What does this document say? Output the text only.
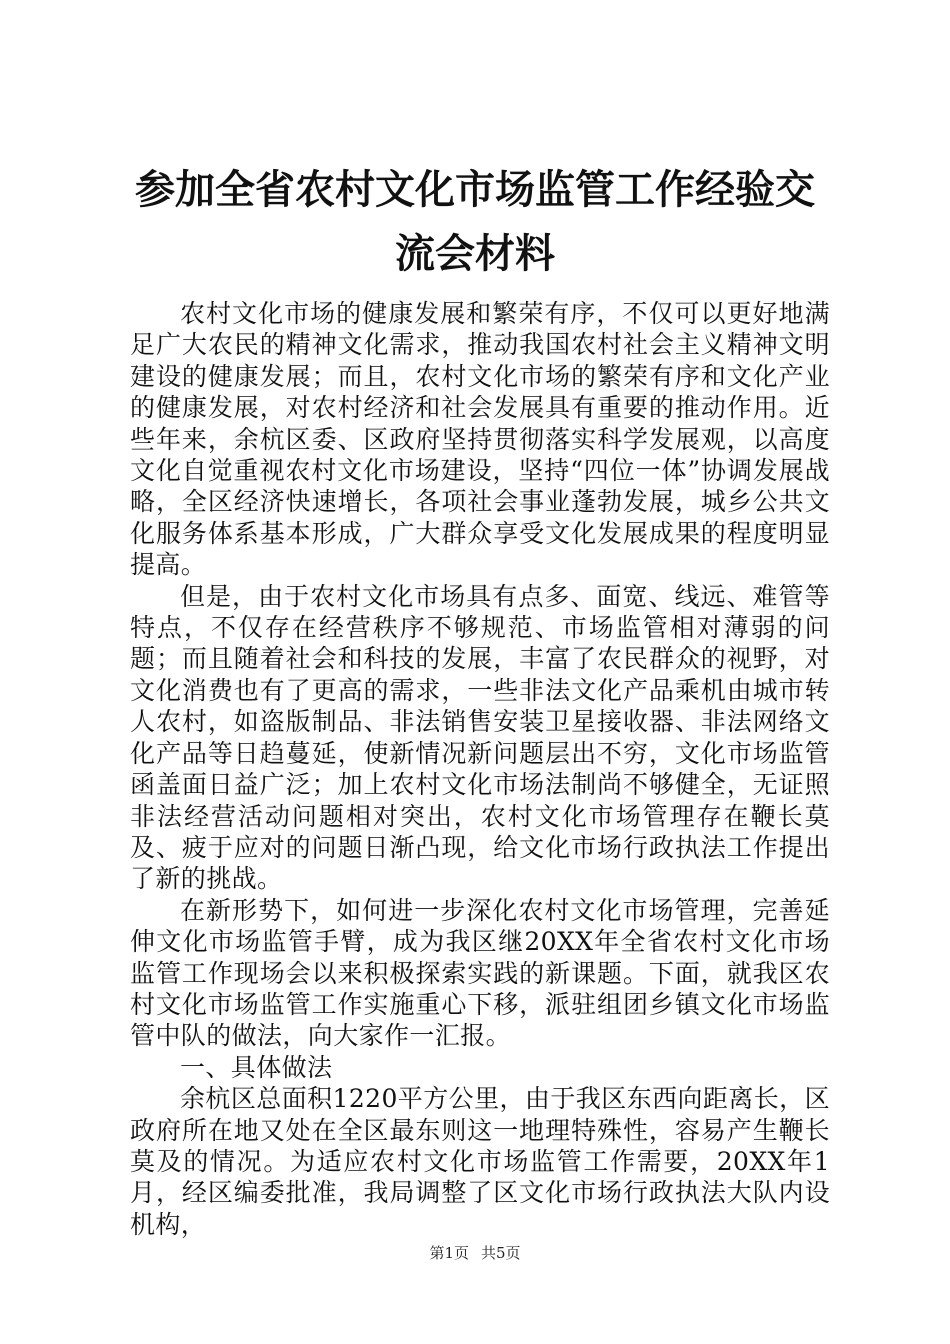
参加全省农村文化市场监管工作经验交流会材料

农村文化市场的健康发展和繁荣有序，不仅可以更好地满足广大农民的精神文化需求，推动我国农村社会主义精神文明建设的健康发展；而且，农村文化市场的繁荣有序和文化产业的健康发展，对农村经济和社会发展具有重要的推动作用。近些年来，余杭区委、区政府坚持贯彻落实科学发展观，以高度文化自觉重视农村文化市场建设，坚持“四位一体”协调发展战略，全区经济快速增长，各项社会事业蓬勃发展，城乡公共文化服务体系基本形成，广大群众享受文化发展成果的程度明显提高。

但是，由于农村文化市场具有点多、面宽、线远、难管等特点，不仅存在经营秩序不够规范、市场监管相对薄弱的问题；而且随着社会和科技的发展，丰富了农民群众的视野，对文化消费也有了更高的需求，一些非法文化产品乘机由城市转人农村，如盗版制品、非法销售安装卫星接收器、非法网络文化产品等日趋蔓延，使新情况新问题层出不穷，文化市场监管函盖面日益广泛；加上农村文化市场法制尚不够健全，无证照非法经营活动问题相对突出，农村文化市场管理存在鞭长莫及、疲于应对的问题日渐凸现，给文化市场行政执法工作提出了新的挑战。

在新形势下，如何进一步深化农村文化市场管理，完善延伸文化市场监管手臂，成为我区继20XX年全省农村文化市场监管工作现场会以来积极探索实践的新课题。下面，就我区农村文化市场监管工作实施重心下移，派驻组团乡镇文化市场监管中队的做法，向大家作一汇报。

一、具体做法

余杭区总面积1220平方公里，由于我区东西向距离长，区政府所在地又处在全区最东则这一地理特殊性，容易产生鞭长莫及的情况。为适应农村文化市场监管工作需要，20XX年1月，经区编委批准，我局调整了区文化市场行政执法大队内设机构，

第1页 共5页
